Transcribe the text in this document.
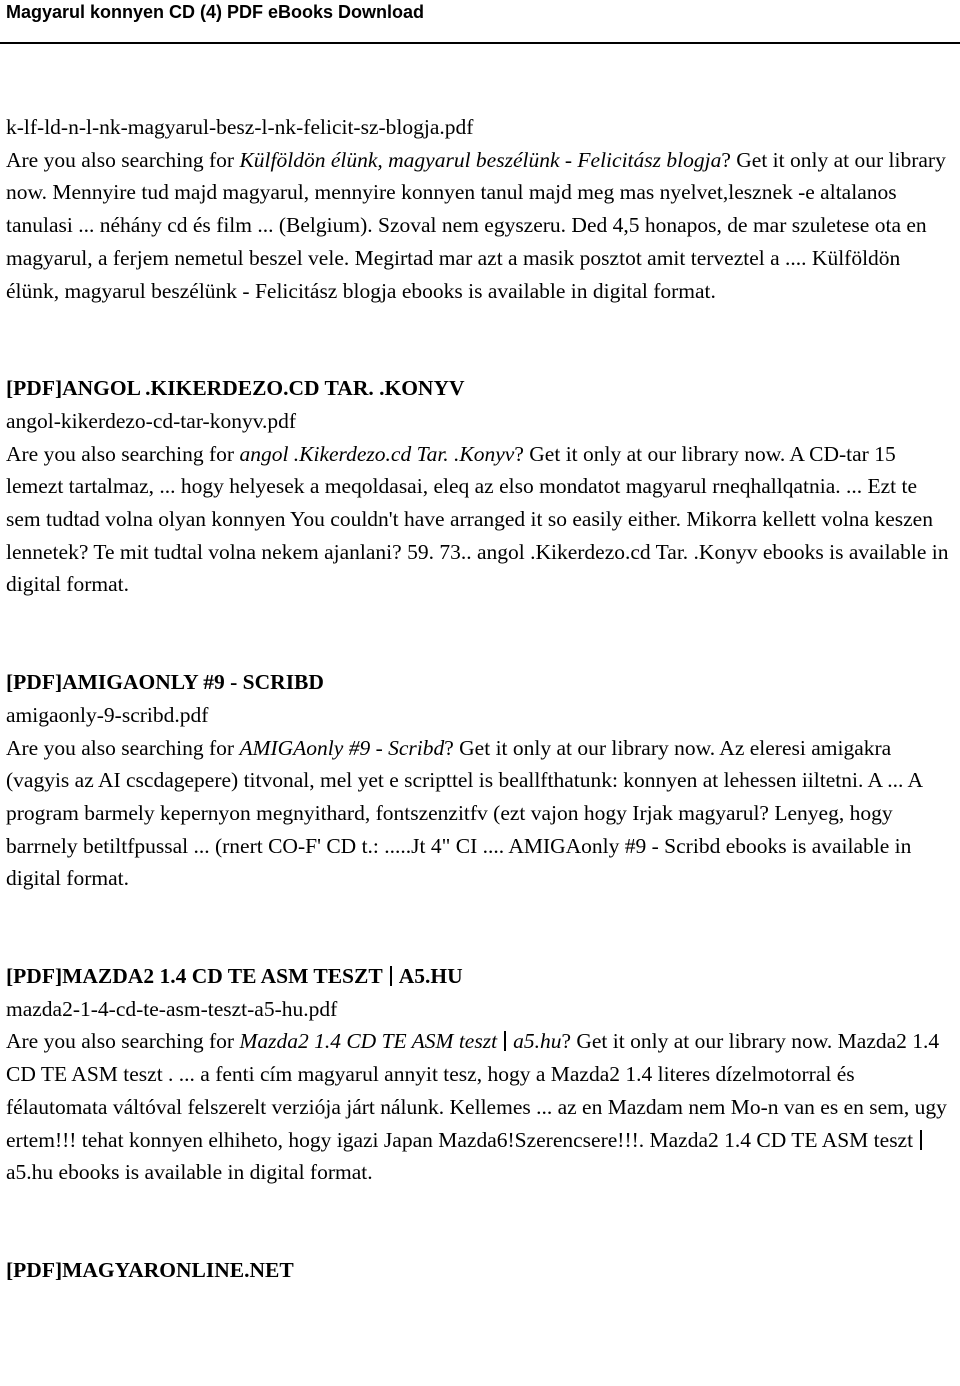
Magyarul konnyen CD (4) PDF eBooks Download

k-lf-ld-n-l-nk-magyarul-besz-l-nk-felicit-sz-blogja.pdf

Are you also searching for Külföldön élünk, magyarul beszélünk - Felicitász blogja? Get it only at our library now. Mennyire tud majd magyarul, mennyire konnyen tanul majd meg mas nyelvet,lesznek -e altalanos tanulasi ... néhány cd és film ... (Belgium). Szoval nem egyszeru. Ded 4,5 honapos, de mar szuletese ota en magyarul, a ferjem nemetul beszel vele. Megirtad mar azt a masik posztot amit terveztel a .... Külföldön élünk, magyarul beszélünk - Felicitász blogja ebooks is available in digital format.

[PDF]ANGOL .KIKERDEZO.CD TAR. .KONYV

angol-kikerdezo-cd-tar-konyv.pdf

Are you also searching for angol .Kikerdezo.cd Tar. .Konyv? Get it only at our library now. A CD-tar 15 lemezt tartalmaz, ... hogy helyesek a meqoldasai, eleq az elso mondatot magyarul rneqhallqatnia. ... Ezt te sem tudtad volna olyan konnyen You couldn't have arranged it so easily either. Mikorra kellett volna keszen lennetek? Te mit tudtal volna nekem ajanlani? 59. 73.. angol .Kikerdezo.cd Tar. .Konyv ebooks is available in digital format.

[PDF]AMIGAONLY #9 - SCRIBD

amigaonly-9-scribd.pdf

Are you also searching for AMIGAonly #9 - Scribd? Get it only at our library now. Az eleresi amigakra (vagyis az AI cscdagepere) titvonal, mel yet e scripttel is beallfthatunk: konnyen at lehessen iiltetni. A ... A program barmely kepernyon megnyithard, fontszenzitfv (ezt vajon hogy Irjak magyarul? Lenyeg, hogy barrnely betiltfpussal ... (rnert CO-F' CD t.: .....Jt 4" CI .... AMIGAonly #9 - Scribd ebooks is available in digital format.

[PDF]MAZDA2 1.4 CD TE ASM TESZT A5.HU

mazda2-1-4-cd-te-asm-teszt-a5-hu.pdf

Are you also searching for Mazda2 1.4 CD TE ASM teszt a5.hu? Get it only at our library now. Mazda2 1.4 CD TE ASM teszt . ... a fenti cím magyarul annyit tesz, hogy a Mazda2 1.4 literes dízelmotorral és félautomata váltóval felszerelt verziója járt nálunk. Kellemes ... az en Mazdam nem Mo-n van es en sem, ugy ertem!!! tehat konnyen elhiheto, hogy igazi Japan Mazda6!Szerencsere!!!. Mazda2 1.4 CD TE ASM teszta5.hu ebooks is available in digital format.

[PDF]MAGYARONLINE.NET
